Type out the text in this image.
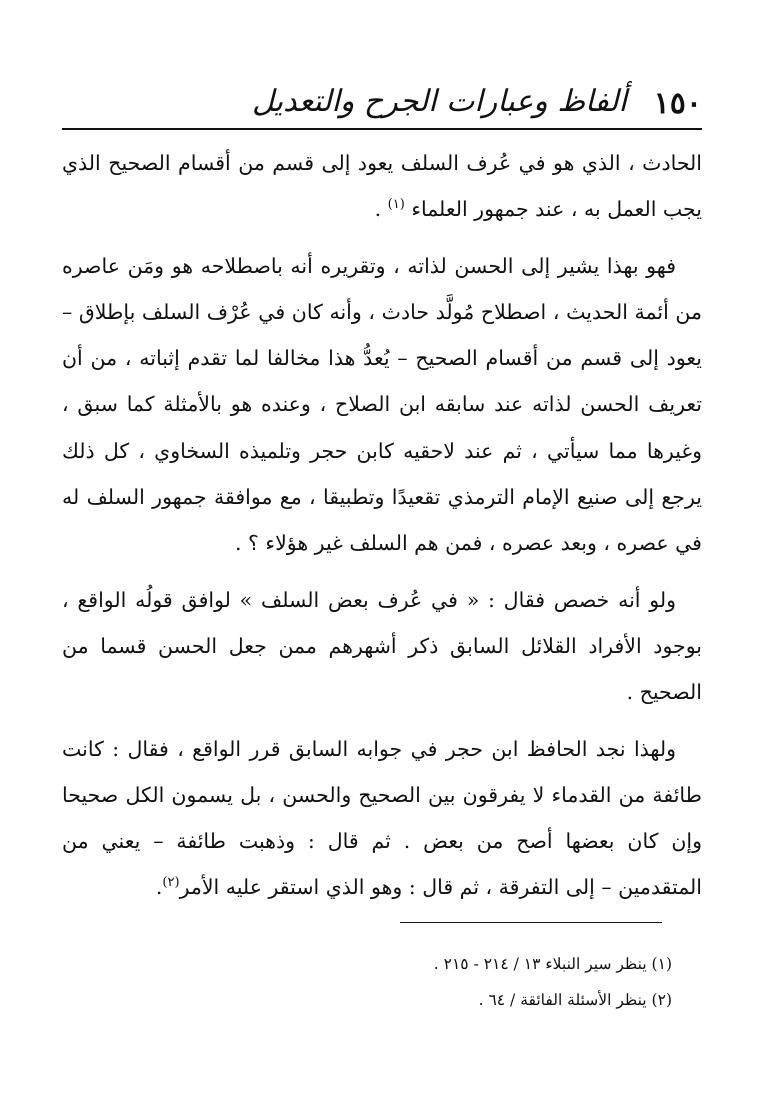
١٥٠
ألفاظ وعبارات الجرح والتعديل

الحادث ، الذي هو في عُرف السلف يعود إلى قسم من أقسام الصحيح الذي يجب العمل به ، عند جمهور العلماء $^{(١)}$ .

فهو بهذا يشير إلى الحسن لذاته ، وتقريره أنه باصطلاحه هو ومَن عاصره من أئمة الحديث ، اصطلاح مُولَّد حادث ، وأنه كان في عُرْف السلف بإطلاق – يعود إلى قسم من أقسام الصحيح – يُعدُّ هذا مخالفا لما تقدم إثباته ، من أن تعريف الحسن لذاته عند سابقه ابن الصلاح ، وعنده هو بالأمثلة كما سبق ، وغيرها مما سيأتي ، ثم عند لاحقيه كابن حجر وتلميذه السخاوي ، كل ذلك يرجع إلى صنيع الإمام الترمذي تقعيدًا وتطبيقا ، مع موافقة جمهور السلف له في عصره ، وبعد عصره ، فمن هم السلف غير هؤلاء ؟ .

ولو أنه خصص فقال : « في عُرف بعض السلف » لوافق قولُه الواقع ، بوجود الأفراد القلائل السابق ذكر أشهرهم ممن جعل الحسن قسما من الصحيح .

ولهذا نجد الحافظ ابن حجر في جوابه السابق قرر الواقع ، فقال : كانت طائفة من القدماء لا يفرقون بين الصحيح والحسن ، بل يسمون الكل صحيحا وإن كان بعضها أصح من بعض . ثم قال : وذهبت طائفة – يعني من المتقدمين – إلى التفرقة ، ثم قال : وهو الذي استقر عليه الأمر$^{(٢)}$.

(١) ينظر سير النبلاء ١٣ / ٢١٤ - ٢١٥ .

(٢) ينظر الأسئلة الفائقة / ٦٤ .
